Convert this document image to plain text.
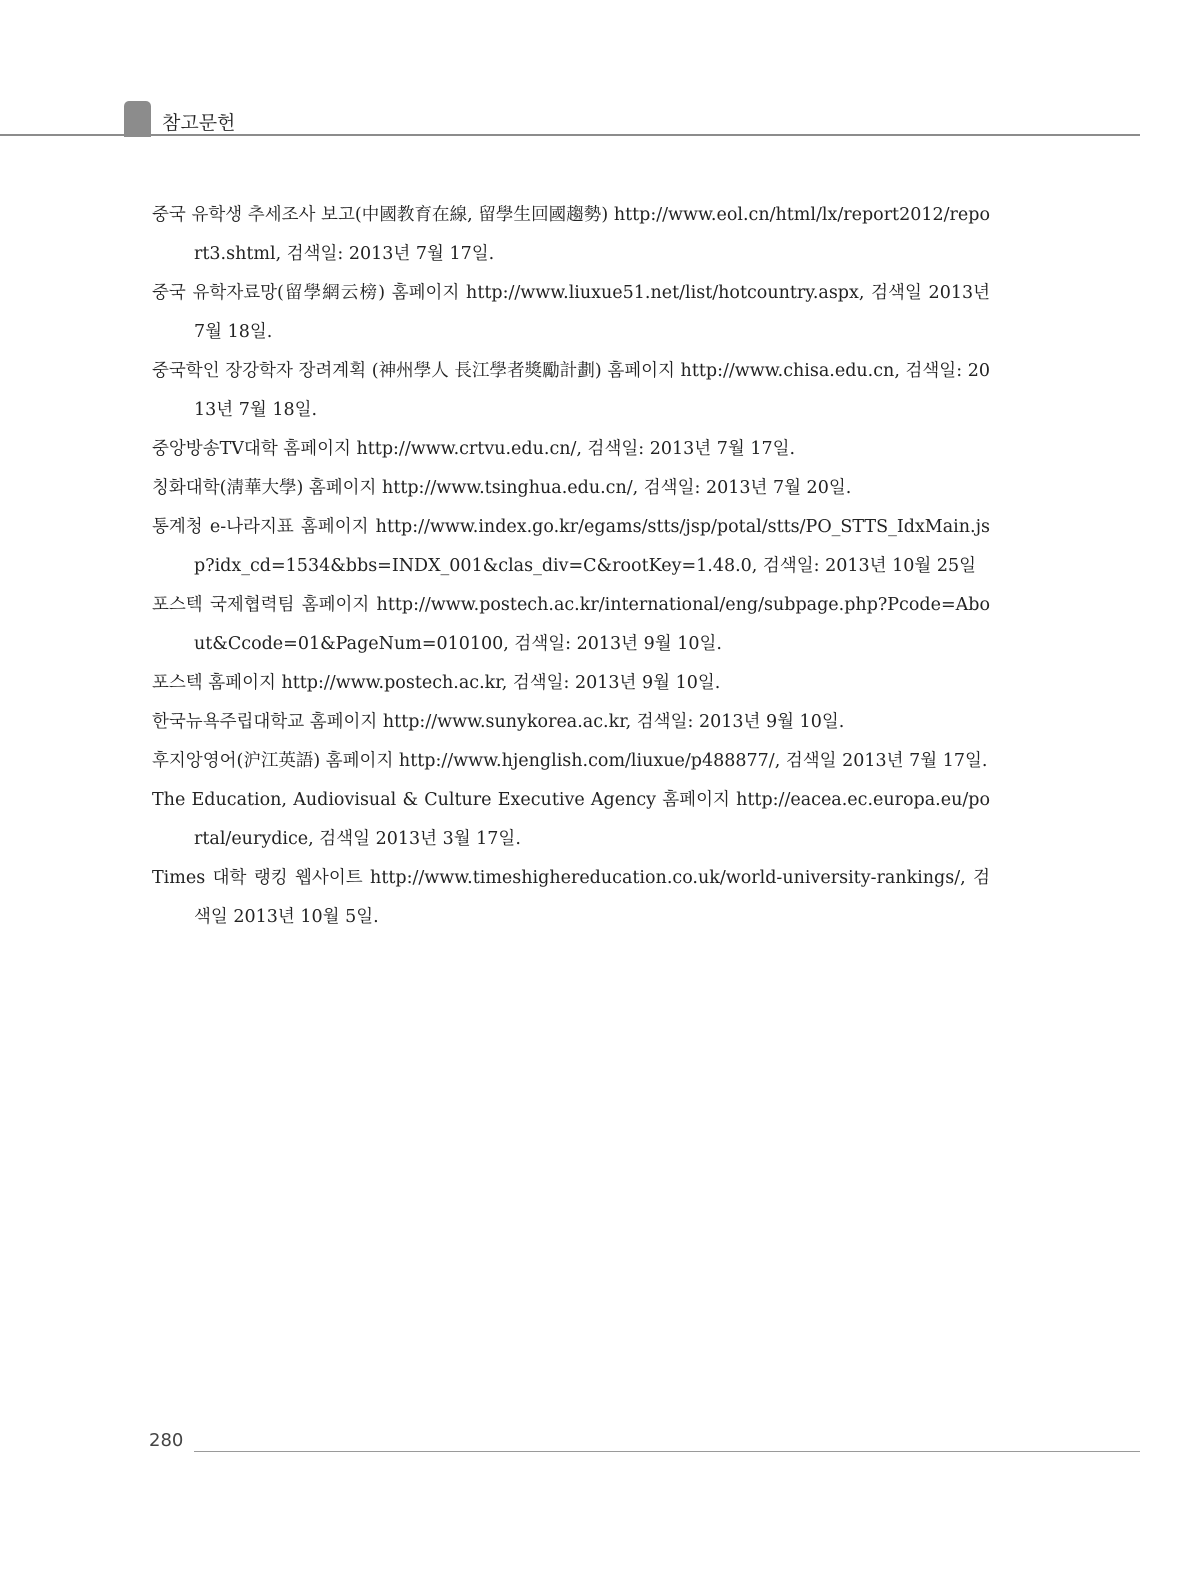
참고문헌
중국 유학생 추세조사 보고(中國教育在線, 留學生回國趨勢) http://www.eol.cn/html/lx/report2012/report3.shtml, 검색일: 2013년 7월 17일.
중국 유학자료망(留學網云榜) 홈페이지 http://www.liuxue51.net/list/hotcountry.aspx, 검색일 2013년 7월 18일.
중국학인 장강학자 장려계획 (神州學人 長江學者獎勵計劃) 홈페이지 http://www.chisa.edu.cn, 검색일: 2013년 7월 18일.
중앙방송TV대학 홈페이지 http://www.crtvu.edu.cn/, 검색일: 2013년 7월 17일.
칭화대학(淸華大學) 홈페이지 http://www.tsinghua.edu.cn/, 검색일: 2013년 7월 20일.
통계청 e-나라지표 홈페이지 http://www.index.go.kr/egams/stts/jsp/potal/stts/PO_STTS_IdxMain.jsp?idx_cd=1534&bbs=INDX_001&clas_div=C&rootKey=1.48.0, 검색일: 2013년 10월 25일
포스텍 국제협력팀 홈페이지 http://www.postech.ac.kr/international/eng/subpage.php?Pcode=About&Ccode=01&PageNum=010100, 검색일: 2013년 9월 10일.
포스텍 홈페이지 http://www.postech.ac.kr, 검색일: 2013년 9월 10일.
한국뉴욕주립대학교 홈페이지 http://www.sunykorea.ac.kr, 검색일: 2013년 9월 10일.
후지앙영어(沪江英語) 홈페이지 http://www.hjenglish.com/liuxue/p488877/, 검색일 2013년 7월 17일.
The Education, Audiovisual & Culture Executive Agency 홈페이지 http://eacea.ec.europa.eu/portal/eurydice, 검색일 2013년 3월 17일.
Times 대학 랭킹 웹사이트 http://www.timeshighereducation.co.uk/world-university-rankings/, 검색일 2013년 10월 5일.
280
